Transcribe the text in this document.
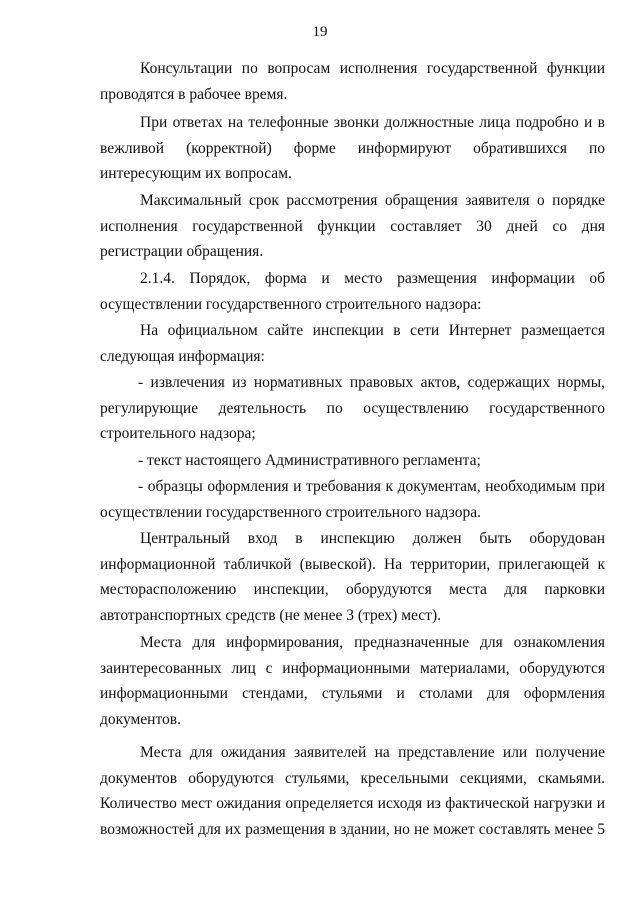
19
Консультации по вопросам исполнения государственной функции
проводятся в рабочее время.
При ответах на телефонные звонки должностные лица подробно и в
вежливой (корректной) форме информируют обратившихся по
интересующим их вопросам.
Максимальный срок рассмотрения обращения заявителя о порядке
исполнения государственной функции составляет 30 дней со дня
регистрации обращения.
2.1.4. Порядок, форма и место размещения информации об
осуществлении государственного строительного надзора:
На официальном сайте инспекции в сети Интернет размещается
следующая информация:
- извлечения из нормативных правовых актов, содержащих нормы,
регулирующие деятельность по осуществлению государственного
строительного надзора;
- текст настоящего Административного регламента;
- образцы оформления и требования к документам, необходимым при
осуществлении государственного строительного надзора.
Центральный вход в инспекцию должен быть оборудован
информационной табличкой (вывеской). На территории, прилегающей к
месторасположению инспекции, оборудуются места для парковки
автотранспортных средств (не менее 3 (трех) мест).
Места для информирования, предназначенные для ознакомления
заинтересованных лиц с информационными материалами, оборудуются
информационными стендами, стульями и столами для оформления
документов.
Места для ожидания заявителей на представление или получение
документов оборудуются стульями, кресельными секциями, скамьями.
Количество мест ожидания определяется исходя из фактической нагрузки и
возможностей для их размещения в здании, но не может составлять менее 5
